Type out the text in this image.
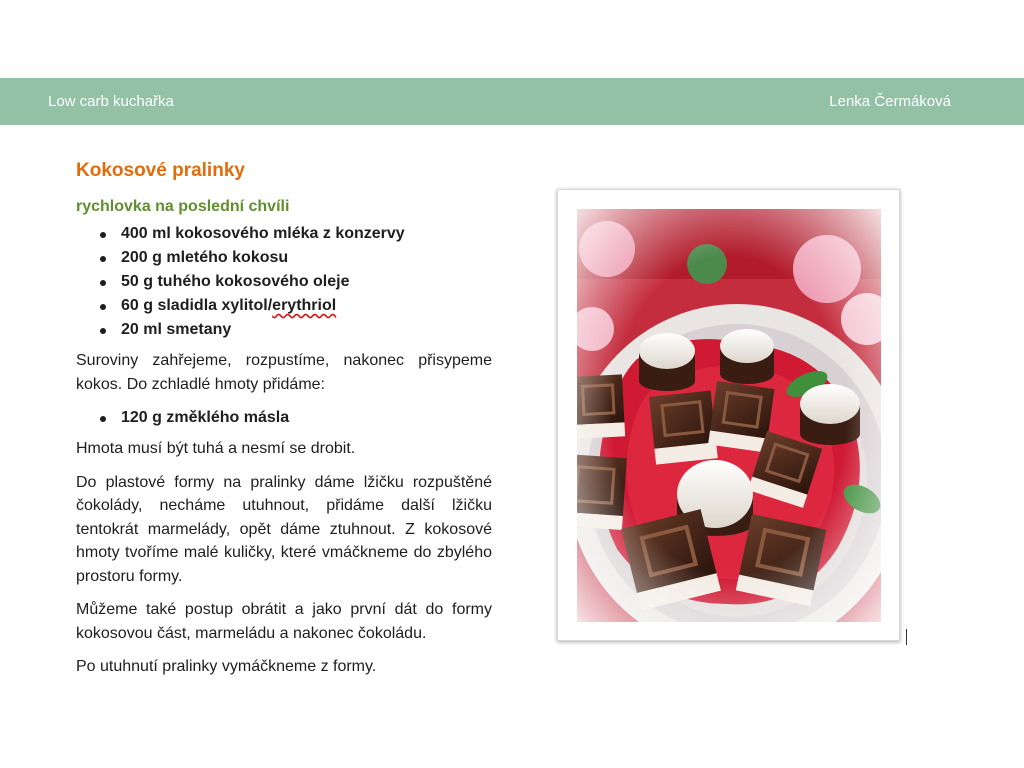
Low carb kuchařka	Lenka Čermáková
Kokosové pralinky
rychlovka na poslední chvíli
400 ml kokosového mléka z konzervy
200 g mletého kokosu
50 g tuhého kokosového oleje
60 g sladidla xylitol/erythriol
20 ml smetany

Suroviny zahřejeme, rozpustíme, nakonec přisypeme kokos. Do zchladlé hmoty přidáme:

120 g změklého másla

Hmota musí být tuhá a nesmí se drobit.

Do plastové formy na pralinky dáme lžičku rozpuštěné čokolády, necháme utuhnout, přidáme další lžičku tentokrát marmelády, opět dáme ztuhnout. Z kokosové hmoty tvoříme malé kuličky, které vmáčkneme do zbylého prostoru formy.

Můžeme také postup obrátit a jako první dát do formy kokosovou část, marmeládu a nakonec čokoládu.

Po utuhnutí pralinky vymáčkneme z formy.
